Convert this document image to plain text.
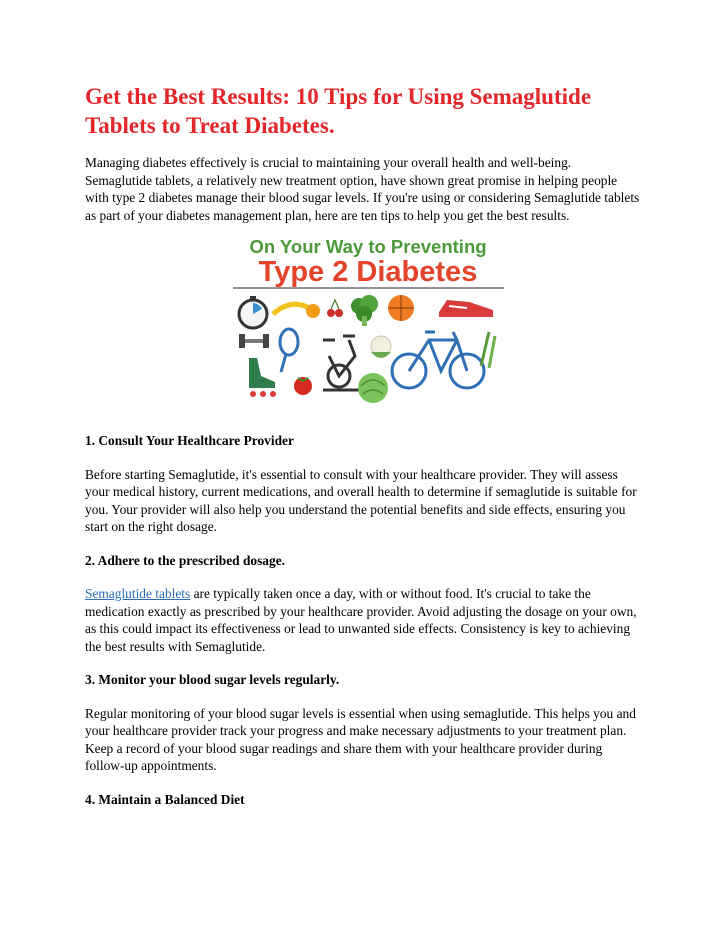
Get the Best Results: 10 Tips for Using Semaglutide Tablets to Treat Diabetes.

Managing diabetes effectively is crucial to maintaining your overall health and well-being. Semaglutide tablets, a relatively new treatment option, have shown great promise in helping people with type 2 diabetes manage their blood sugar levels. If you're using or considering Semaglutide tablets as part of your diabetes management plan, here are ten tips to help you get the best results.

On Your Way to Preventing
Type 2 Diabetes
1. Consult Your Healthcare Provider

Before starting Semaglutide, it's essential to consult with your healthcare provider. They will assess your medical history, current medications, and overall health to determine if semaglutide is suitable for you. Your provider will also help you understand the potential benefits and side effects, ensuring you start on the right dosage.

2. Adhere to the prescribed dosage.

Semaglutide tablets are typically taken once a day, with or without food. It's crucial to take the medication exactly as prescribed by your healthcare provider. Avoid adjusting the dosage on your own, as this could impact its effectiveness or lead to unwanted side effects. Consistency is key to achieving the best results with Semaglutide.

3. Monitor your blood sugar levels regularly.

Regular monitoring of your blood sugar levels is essential when using semaglutide. This helps you and your healthcare provider track your progress and make necessary adjustments to your treatment plan. Keep a record of your blood sugar readings and share them with your healthcare provider during follow-up appointments.

4. Maintain a Balanced Diet
